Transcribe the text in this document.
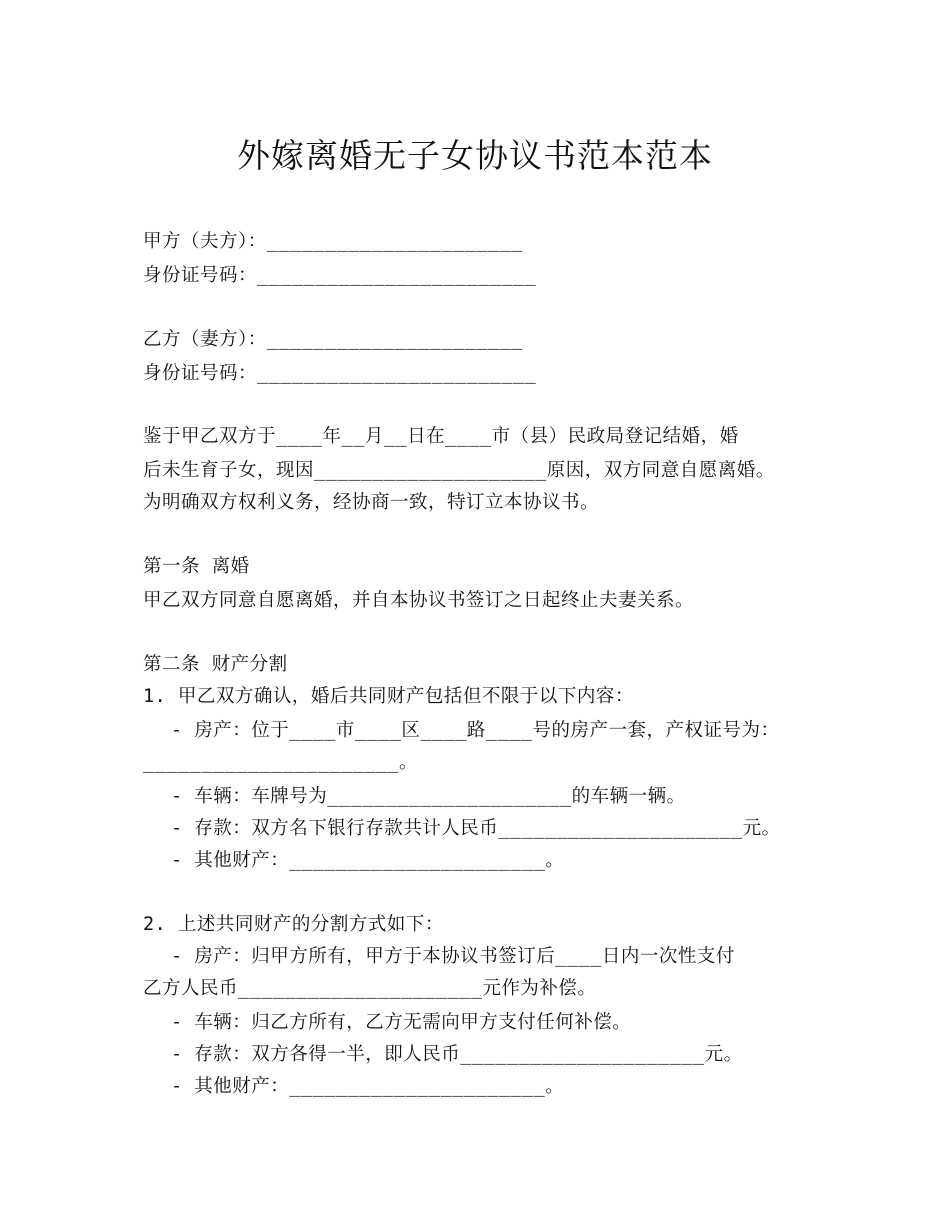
外嫁离婚无子女协议书范本范本
甲方（夫方）：______________________
身份证号码：________________________
乙方（妻方）：______________________
身份证号码：________________________
鉴于甲乙双方于____年__月__日在____市（县）民政局登记结婚，婚
后未生育子女，现因____________________原因，双方同意自愿离婚。
为明确双方权利义务，经协商一致，特订立本协议书。
第一条 离婚
甲乙双方同意自愿离婚，并自本协议书签订之日起终止夫妻关系。
第二条 财产分割
1. 甲乙双方确认，婚后共同财产包括但不限于以下内容：
- 房产：位于____市____区____路____号的房产一套，产权证号为：
______________________。
- 车辆：车牌号为_____________________的车辆一辆。
- 存款：双方名下银行存款共计人民币_____________________元。
- 其他财产：______________________。
2. 上述共同财产的分割方式如下：
- 房产：归甲方所有，甲方于本协议书签订后____日内一次性支付
乙方人民币_____________________元作为补偿。
- 车辆：归乙方所有，乙方无需向甲方支付任何补偿。
- 存款：双方各得一半，即人民币_____________________元。
- 其他财产：______________________。
